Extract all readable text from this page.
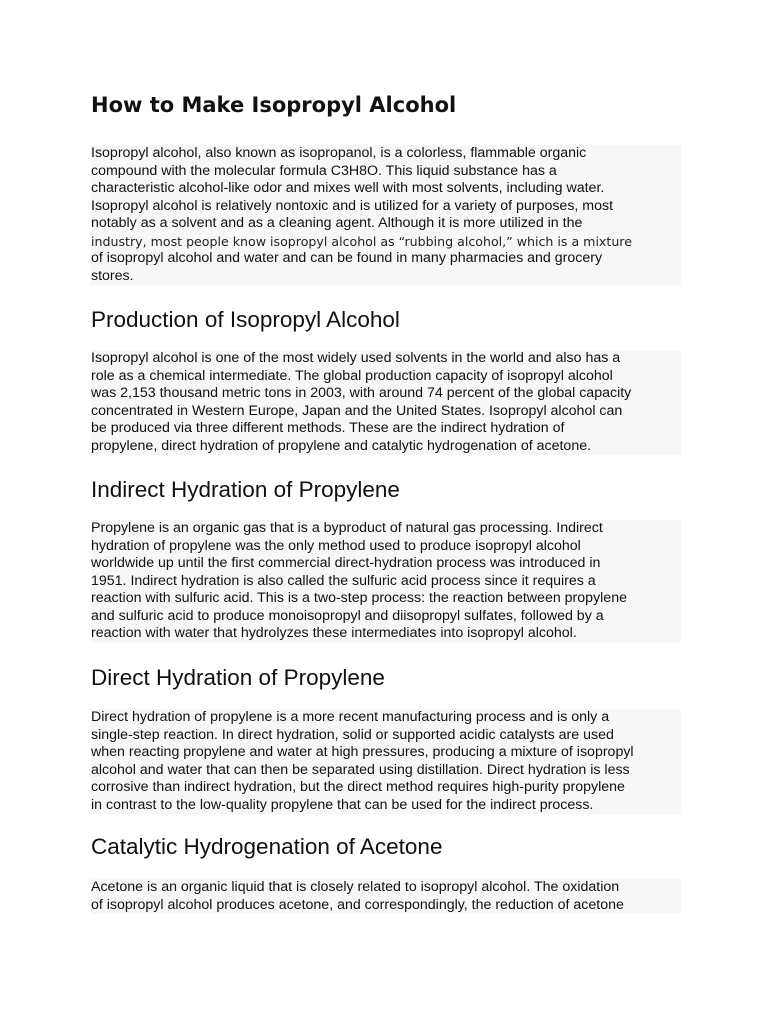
How to Make Isopropyl Alcohol
Isopropyl alcohol, also known as isopropanol, is a colorless, flammable organic
compound with the molecular formula C3H8O. This liquid substance has a
characteristic alcohol-like odor and mixes well with most solvents, including water.
Isopropyl alcohol is relatively nontoxic and is utilized for a variety of purposes, most
notably as a solvent and as a cleaning agent. Although it is more utilized in the
industry, most people know isopropyl alcohol as “rubbing alcohol,” which is a mixture
of isopropyl alcohol and water and can be found in many pharmacies and grocery
stores.
Production of Isopropyl Alcohol
Isopropyl alcohol is one of the most widely used solvents in the world and also has a
role as a chemical intermediate. The global production capacity of isopropyl alcohol
was 2,153 thousand metric tons in 2003, with around 74 percent of the global capacity
concentrated in Western Europe, Japan and the United States. Isopropyl alcohol can
be produced via three different methods. These are the indirect hydration of
propylene, direct hydration of propylene and catalytic hydrogenation of acetone.
Indirect Hydration of Propylene
Propylene is an organic gas that is a byproduct of natural gas processing. Indirect
hydration of propylene was the only method used to produce isopropyl alcohol
worldwide up until the first commercial direct-hydration process was introduced in
1951. Indirect hydration is also called the sulfuric acid process since it requires a
reaction with sulfuric acid. This is a two-step process: the reaction between propylene
and sulfuric acid to produce monoisopropyl and diisopropyl sulfates, followed by a
reaction with water that hydrolyzes these intermediates into isopropyl alcohol.
Direct Hydration of Propylene
Direct hydration of propylene is a more recent manufacturing process and is only a
single-step reaction. In direct hydration, solid or supported acidic catalysts are used
when reacting propylene and water at high pressures, producing a mixture of isopropyl
alcohol and water that can then be separated using distillation. Direct hydration is less
corrosive than indirect hydration, but the direct method requires high-purity propylene
in contrast to the low-quality propylene that can be used for the indirect process.
Catalytic Hydrogenation of Acetone
Acetone is an organic liquid that is closely related to isopropyl alcohol. The oxidation
of isopropyl alcohol produces acetone, and correspondingly, the reduction of acetone
